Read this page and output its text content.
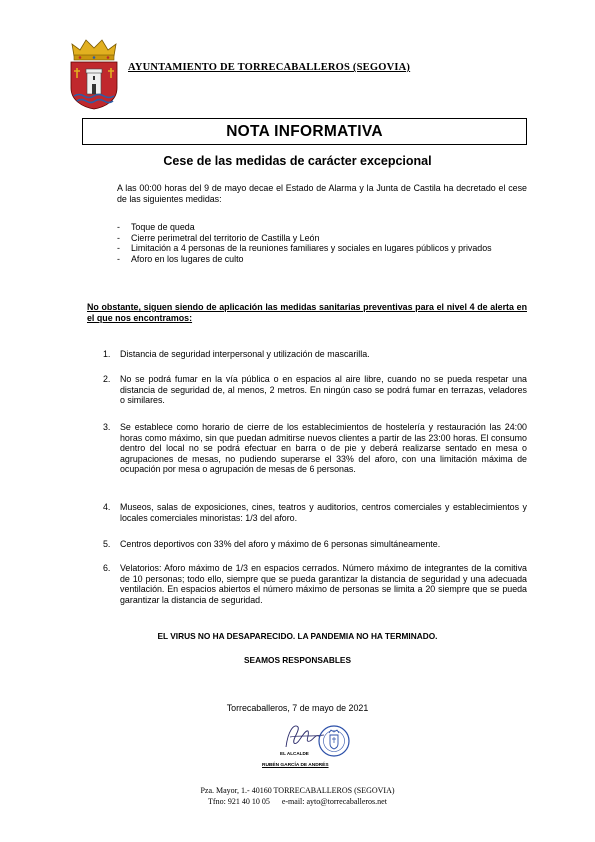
AYUNTAMIENTO DE TORRECABALLEROS (SEGOVIA)
NOTA INFORMATIVA
Cese de las medidas de carácter excepcional
A las 00:00 horas del 9 de mayo decae el Estado de Alarma y la Junta de Castila ha decretado el cese de las siguientes medidas:
- Toque de queda
- Cierre perimetral del territorio de Castilla y León
- Limitación a 4 personas de la reuniones familiares y sociales en lugares públicos y privados
- Aforo en los lugares de culto
No obstante, siguen siendo de aplicación las medidas sanitarias preventivas para el nivel 4 de alerta en el que nos encontramos:
1. Distancia de seguridad interpersonal y utilización de mascarilla.
2. No se podrá fumar en la vía pública o en espacios al aire libre, cuando no se pueda respetar una distancia de seguridad de, al menos, 2 metros. En ningún caso se podrá fumar en terrazas, veladores o similares.
3. Se establece como horario de cierre de los establecimientos de hostelería y restauración las 24:00 horas como máximo, sin que puedan admitirse nuevos clientes a partir de las 23:00 horas. El consumo dentro del local no se podrá efectuar en barra o de pie y deberá realizarse sentado en mesa o agrupaciones de mesas, no pudiendo superarse el 33% del aforo, con una limitación máxima de ocupación por mesa o agrupación de mesas de 6 personas.
4. Museos, salas de exposiciones, cines, teatros y auditorios, centros comerciales y establecimientos y locales comerciales minoristas: 1/3 del aforo.
5. Centros deportivos con 33% del aforo y máximo de 6 personas simultáneamente.
6. Velatorios: Aforo máximo de 1/3 en espacios cerrados. Número máximo de integrantes de la comitiva de 10 personas; todo ello, siempre que se pueda garantizar la distancia de seguridad y una adecuada ventilación. En espacios abiertos el número máximo de personas se limita a 20 siempre que se pueda garantizar la distancia de seguridad.
EL VIRUS NO HA DESAPARECIDO. LA PANDEMIA NO HA TERMINADO.
SEAMOS RESPONSABLES
Torrecaballeros, 7 de mayo de 2021
EL ALCALDE
RUBÉN GARCÍA DE ANDRÉS
Pza. Mayor, 1.- 40160 TORRECABALLEROS (SEGOVIA)
Tfno: 921 40 10 05 e-mail: ayto@torrecaballeros.net
